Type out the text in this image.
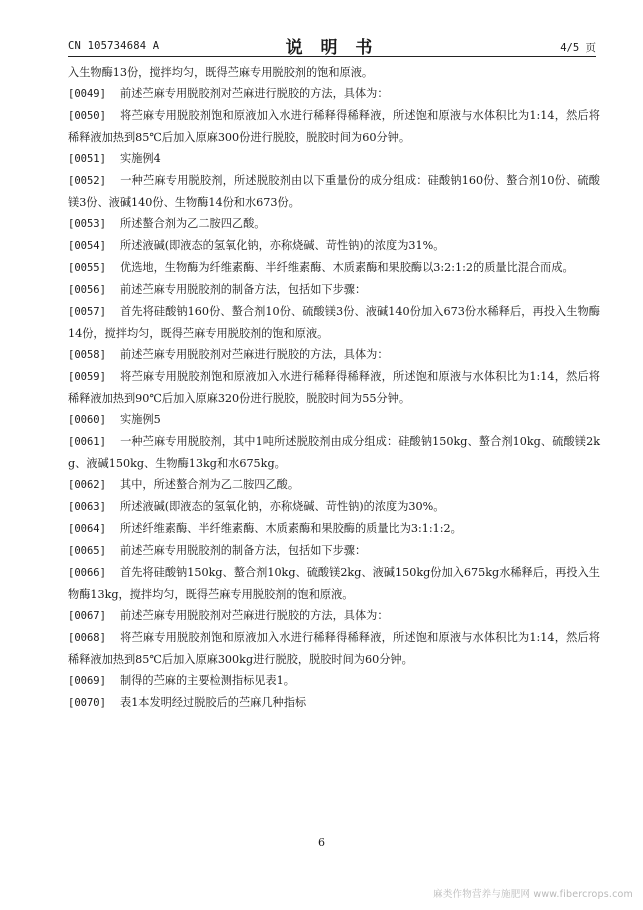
CN 105734684 A	说 明 书	4/5 页
入生物酶13份，搅拌均匀，既得苎麻专用脱胶剂的饱和原液。
[0049] 前述苎麻专用脱胶剂对苎麻进行脱胶的方法，具体为：
[0050] 将苎麻专用脱胶剂饱和原液加入水进行稀释得稀释液，所述饱和原液与水体积比为1:14，然后将稀释液加热到85℃后加入原麻300份进行脱胶，脱胶时间为60分钟。
[0051] 实施例4
[0052] 一种苎麻专用脱胶剂，所述脱胶剂由以下重量份的成分组成：硅酸钠160份、螯合剂10份、硫酸镁3份、液碱140份、生物酶14份和水673份。
[0053] 所述螯合剂为乙二胺四乙酸。
[0054] 所述液碱(即液态的氢氧化钠，亦称烧碱、苛性钠)的浓度为31%。
[0055] 优选地，生物酶为纤维素酶、半纤维素酶、木质素酶和果胶酶以3:2:1:2的质量比混合而成。
[0056] 前述苎麻专用脱胶剂的制备方法，包括如下步骤：
[0057] 首先将硅酸钠160份、螯合剂10份、硫酸镁3份、液碱140份加入673份水稀释后，再投入生物酶14份，搅拌均匀，既得苎麻专用脱胶剂的饱和原液。
[0058] 前述苎麻专用脱胶剂对苎麻进行脱胶的方法，具体为：
[0059] 将苎麻专用脱胶剂饱和原液加入水进行稀释得稀释液，所述饱和原液与水体积比为1:14，然后将稀释液加热到90℃后加入原麻320份进行脱胶，脱胶时间为55分钟。
[0060] 实施例5
[0061] 一种苎麻专用脱胶剂，其中1吨所述脱胶剂由成分组成：硅酸钠150kg、螯合剂10kg、硫酸镁2kg、液碱150kg、生物酶13kg和水675kg。
[0062] 其中，所述螯合剂为乙二胺四乙酸。
[0063] 所述液碱(即液态的氢氧化钠，亦称烧碱、苛性钠)的浓度为30%。
[0064] 所述纤维素酶、半纤维素酶、木质素酶和果胶酶的质量比为3:1:1:2。
[0065] 前述苎麻专用脱胶剂的制备方法，包括如下步骤：
[0066] 首先将硅酸钠150kg、螯合剂10kg、硫酸镁2kg、液碱150kg份加入675kg水稀释后，再投入生物酶13kg，搅拌均匀，既得苎麻专用脱胶剂的饱和原液。
[0067] 前述苎麻专用脱胶剂对苎麻进行脱胶的方法，具体为：
[0068] 将苎麻专用脱胶剂饱和原液加入水进行稀释得稀释液，所述饱和原液与水体积比为1:14，然后将稀释液加热到85℃后加入原麻300kg进行脱胶，脱胶时间为60分钟。
[0069] 制得的苎麻的主要检测指标见表1。
[0070] 表1本发明经过脱胶后的苎麻几种指标
6
麻类作物营养与施肥网 www.fibercrops.com
